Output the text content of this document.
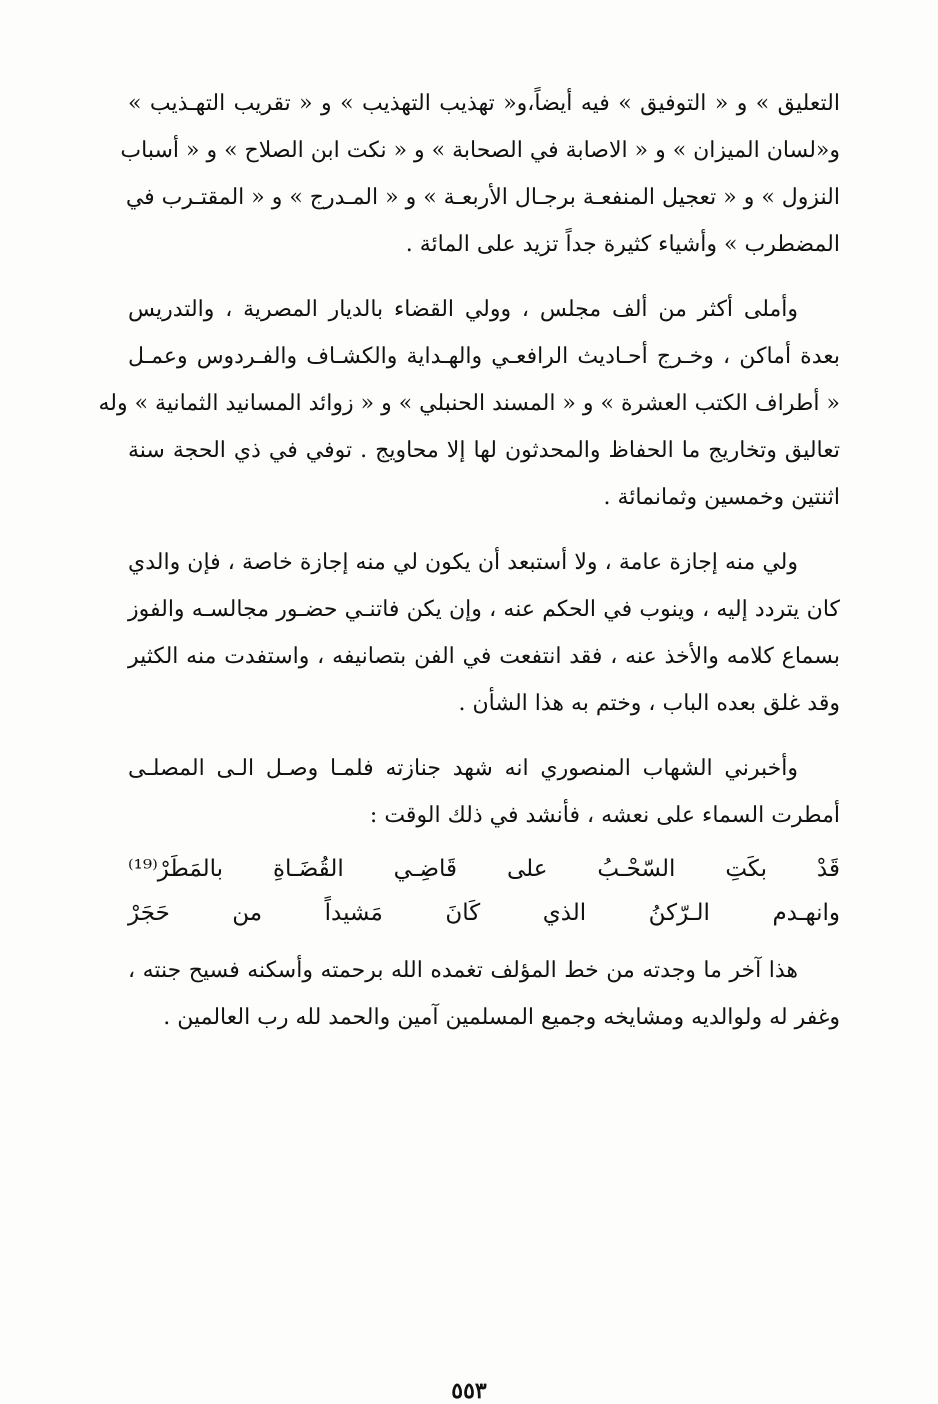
التعليق » و « التوفيق » فيه أيضاً،و« تهذيب التهذيب » و « تقريب التهـذيب »
و«لسان الميزان » و « الاصابة في الصحابة » و « نكت ابن الصلاح » و « أسباب
النزول » و « تعجيل المنفعـة برجـال الأربعـة » و « المـدرج » و « المقتـرب في
المضطرب » وأشياء كثيرة جداً تزيد على المائة .
وأملى أكثر من ألف مجلس ، وولي القضاء بالديار المصرية ، والتدريس
بعدة أماكن ، وخـرج أحـاديث الرافعـي والهـداية والكشـاف والفـردوس وعمـل
« أطراف الكتب العشرة » و « المسند الحنبلي » و « زوائد المسانيد الثمانية » وله
تعاليق وتخاريج ما الحفاظ والمحدثون لها إلا محاويج . توفي في ذي الحجة سنة
اثنتين وخمسين وثمانمائة .
ولي منه إجازة عامة ، ولا أستبعد أن يكون لي منه إجازة خاصة ، فإن والدي
كان يتردد إليه ، وينوب في الحكم عنه ، وإن يكن فاتنـي حضـور مجالسـه والفوز
بسماع كلامه والأخذ عنه ، فقد انتفعت في الفن بتصانيفه ، واستفدت منه الكثير
وقد غلق بعده الباب ، وختم به هذا الشأن .
وأخبرني الشهاب المنصوري انه شهد جنازته فلمـا وصـل الـى المصلـى
أمطرت السماء على نعشه ، فأنشد في ذلك الوقت :
قَدْ
بكَتِ
السّحْـبُ
على
قَاضِـي
القُضَـاةِ
بالمَطَرْ⁽¹⁹⁾
وانهـدم
الـرّكنُ
الذي
كَانَ
مَشيداً
من
حَجَرْ
هذا آخر ما وجدته من خط المؤلف تغمده الله برحمته وأسكنه فسيح جنته ،
وغفر له ولوالديه ومشايخه وجميع المسلمين آمين والحمد لله رب العالمين .
٥٥٣
